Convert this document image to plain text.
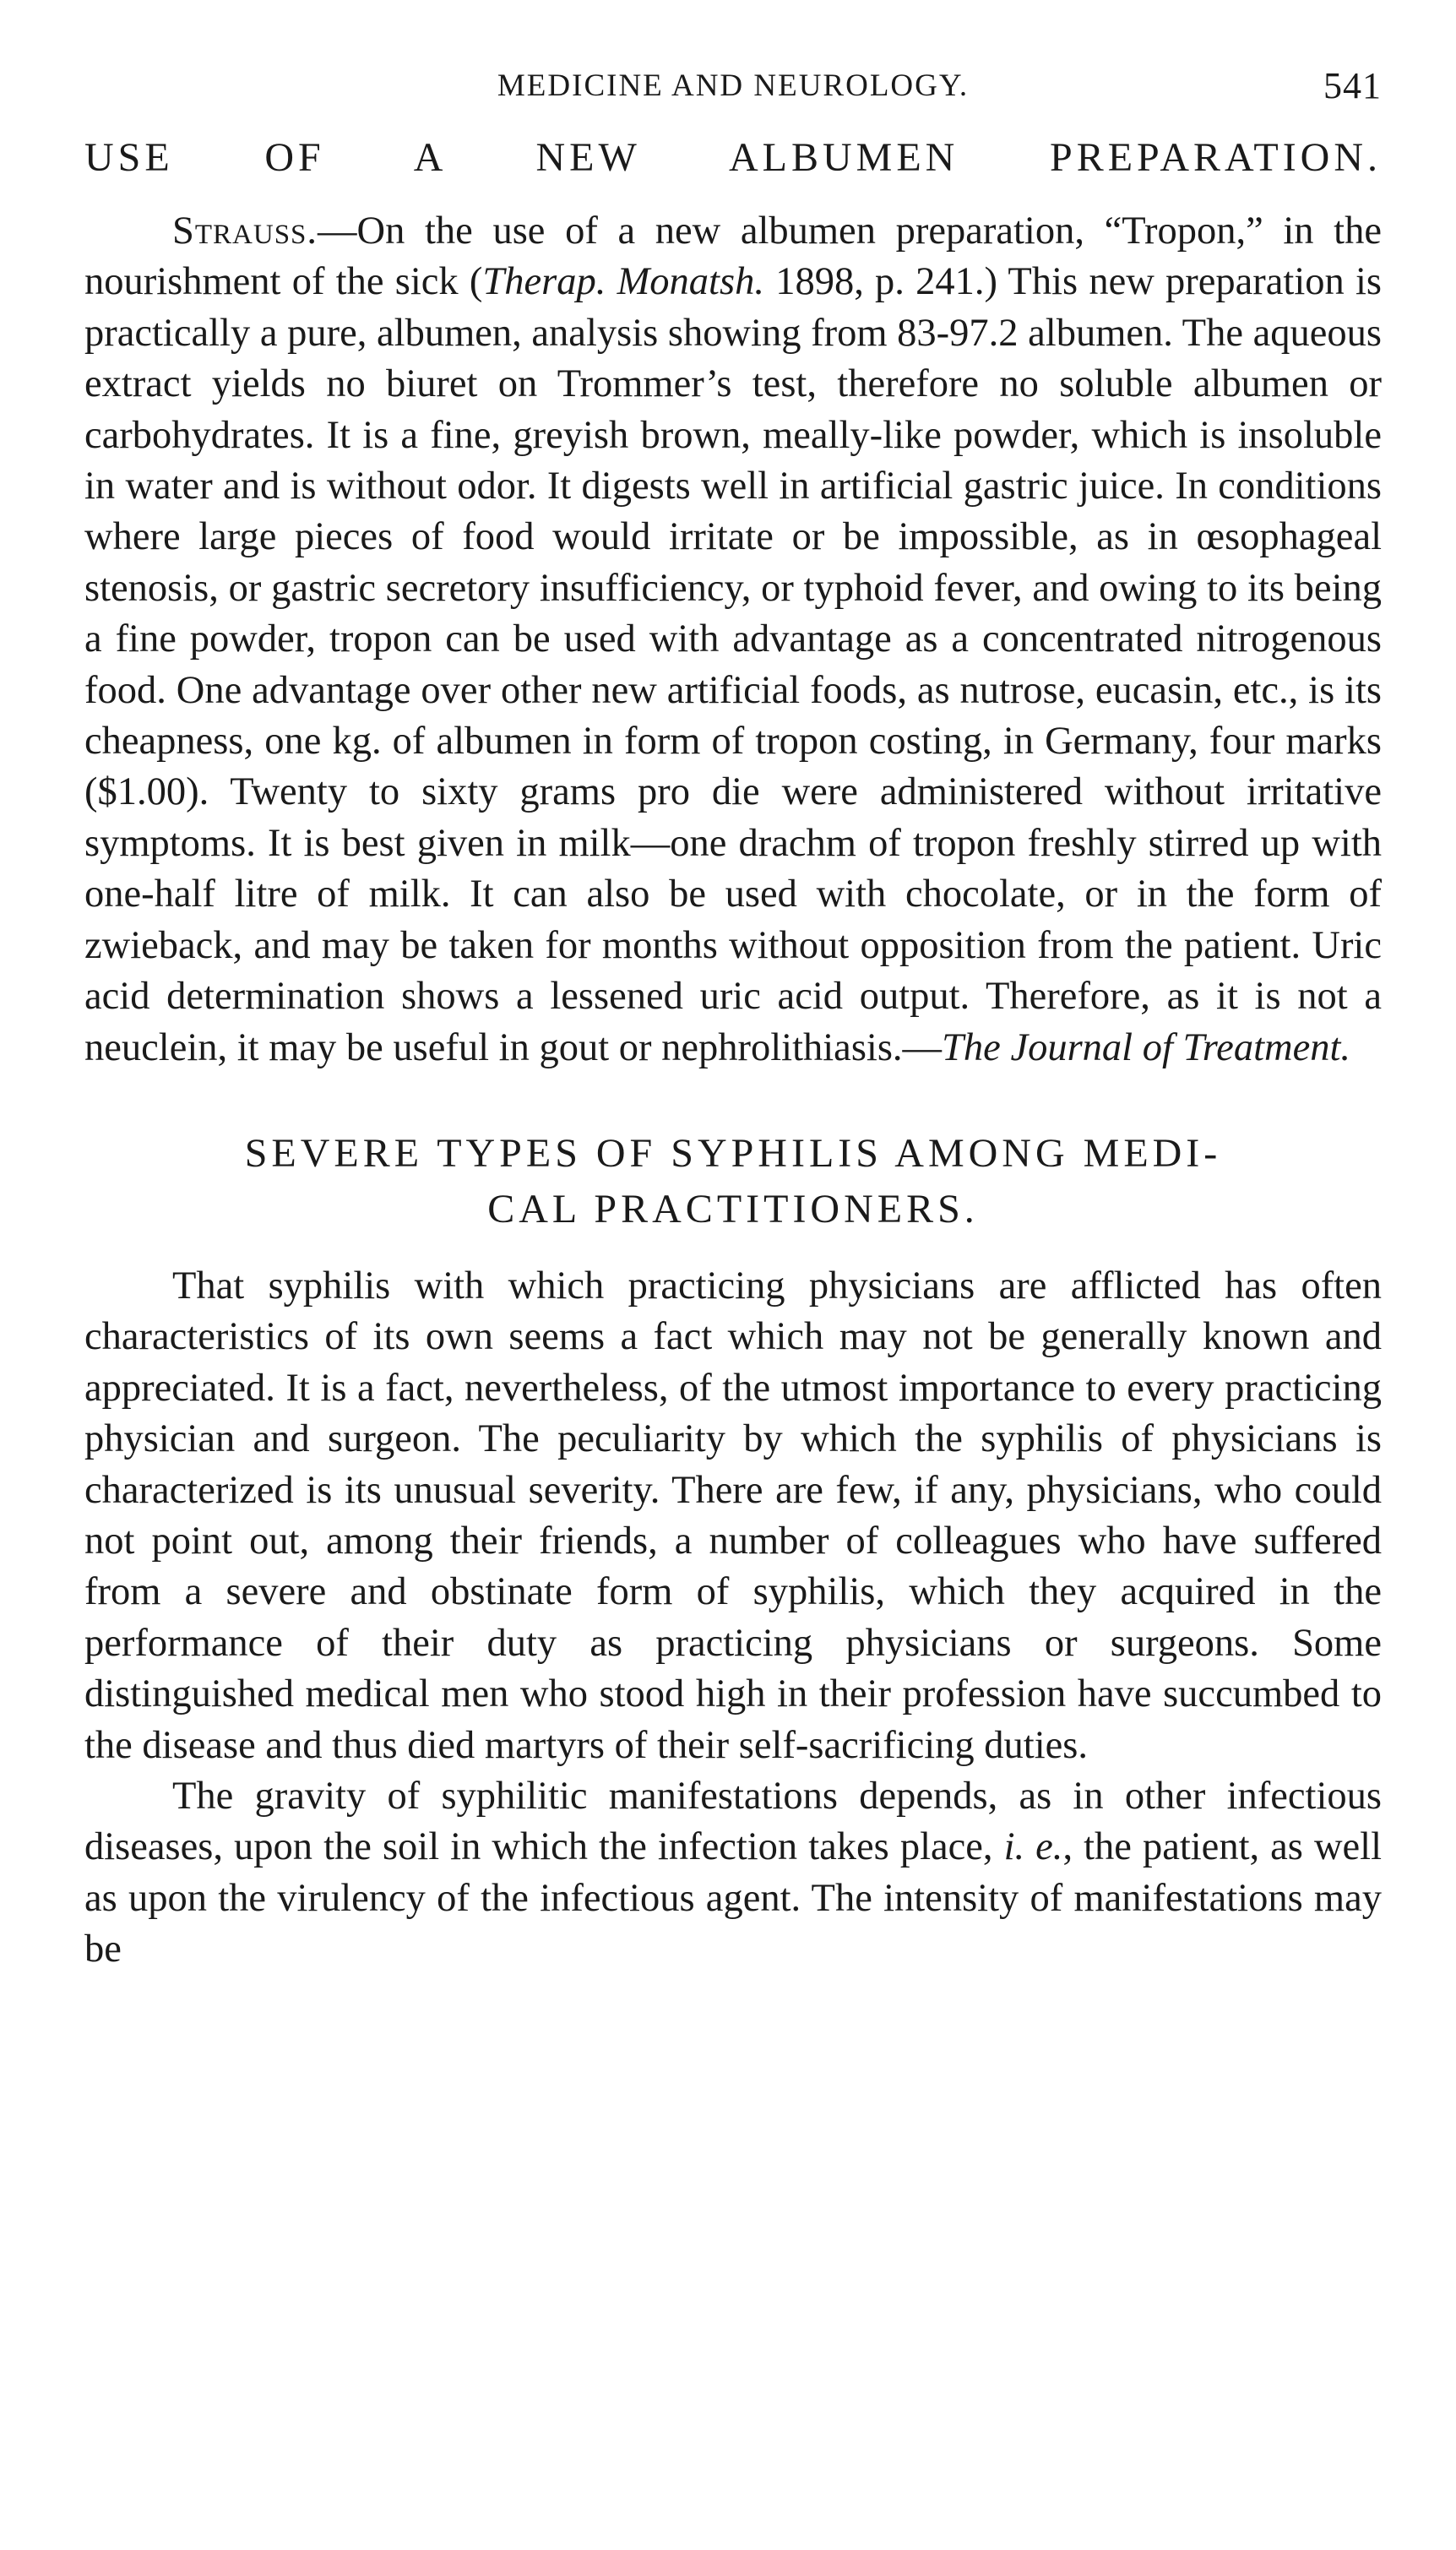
MEDICINE AND NEUROLOGY.	541
USE OF A NEW ALBUMEN PREPARATION.

Strauss.—On the use of a new albumen preparation, “Tropon,” in the nourishment of the sick (Therap. Monatsh. 1898, p. 241.) This new preparation is practically a pure, albumen, analysis showing from 83-97.2 albumen. The aqueous extract yields no biuret on Trommer’s test, therefore no soluble albumen or carbohydrates. It is a fine, greyish brown, meally-like powder, which is insoluble in water and is without odor. It digests well in artificial gastric juice. In conditions where large pieces of food would irritate or be impossible, as in œsophageal stenosis, or gastric secretory insufficiency, or typhoid fever, and owing to its being a fine powder, tropon can be used with advantage as a concentrated nitrogenous food. One advantage over other new artificial foods, as nutrose, eucasin, etc., is its cheapness, one kg. of albumen in form of tropon costing, in Germany, four marks ($1.00). Twenty to sixty grams pro die were administered without irritative symptoms. It is best given in milk—one drachm of tropon freshly stirred up with one-half litre of milk. It can also be used with chocolate, or in the form of zwieback, and may be taken for months without opposition from the patient. Uric acid determination shows a lessened uric acid output. Therefore, as it is not a neuclein, it may be useful in gout or nephrolithiasis.—The Journal of Treatment.

SEVERE TYPES OF SYPHILIS AMONG MEDI-
CAL PRACTITIONERS.

That syphilis with which practicing physicians are afflicted has often characteristics of its own seems a fact which may not be generally known and appreciated. It is a fact, nevertheless, of the utmost importance to every practicing physician and surgeon. The peculiarity by which the syphilis of physicians is characterized is its unusual severity. There are few, if any, physicians, who could not point out, among their friends, a number of colleagues who have suffered from a severe and obstinate form of syphilis, which they acquired in the performance of their duty as practicing physicians or surgeons. Some distinguished medical men who stood high in their profession have succumbed to the disease and thus died martyrs of their self-sacrificing duties.

The gravity of syphilitic manifestations depends, as in other infectious diseases, upon the soil in which the infection takes place, i. e., the patient, as well as upon the virulency of the infectious agent. The intensity of manifestations may be
